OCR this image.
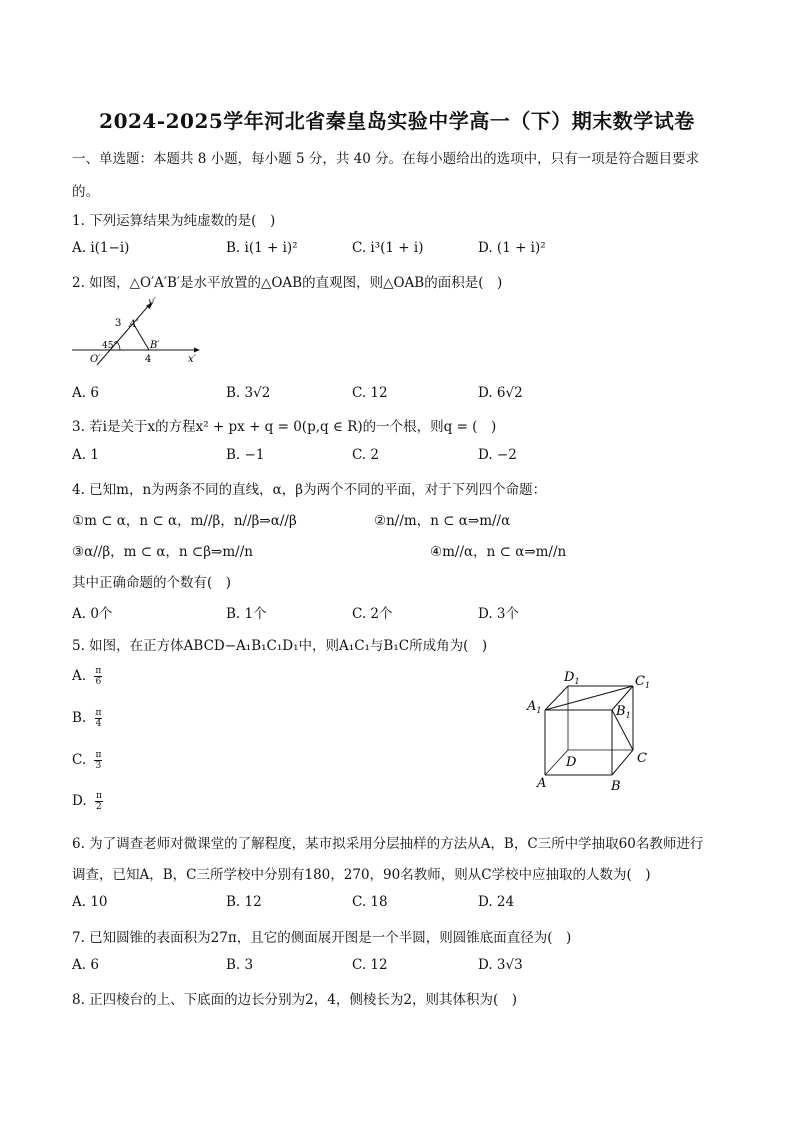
2024-2025学年河北省秦皇岛实验中学高一（下）期末数学试卷
一、单选题：本题共 8 小题，每小题 5 分，共 40 分。在每小题给出的选项中，只有一项是符合题目要求
的。
1. 下列运算结果为纯虚数的是(　)
A. i(1−i)	B. i(1 + i)²	C. i³(1 + i)	D. (1 + i)²
2. 如图，△O′A′B′是水平放置的△OAB的直观图，则△OAB的面积是(　)
y′
x′
O′
A′
B′
3
4
45°
A. 6	B. 3√2	C. 12	D. 6√2
3. 若i是关于x的方程x² + px + q = 0(p,q ∈ R)的一个根，则q = (　)
A. 1	B. −1	C. 2	D. −2
4. 已知m，n为两条不同的直线，α，β为两个不同的平面，对于下列四个命题：
①m ⊂ α，n ⊂ α，m//β，n//β⇒α//β	②n//m，n ⊂ α⇒m//α
③α//β，m ⊂ α，n ⊂β⇒m//n	④m//α，n ⊂ α⇒m//n
其中正确命题的个数有(　)
A. 0个	B. 1个	C. 2个	D. 3个
5. 如图，在正方体ABCD−A₁B₁C₁D₁中，则A₁C₁与B₁C所成角为(　)
A. $\frac{\pi}{6}$
B. $\frac{\pi}{4}$
C. $\frac{\pi}{3}$
D. $\frac{\pi}{2}$
$D_1$	$C_1$
$A_1$	$B_1$
D	C
A	B
6. 为了调查老师对微课堂的了解程度，某市拟采用分层抽样的方法从A，B，C三所中学抽取60名教师进行
调查，已知A，B，C三所学校中分别有180，270，90名教师，则从C学校中应抽取的人数为(　)
A. 10	B. 12	C. 18	D. 24
7. 已知圆锥的表面积为27π，且它的侧面展开图是一个半圆，则圆锥底面直径为(　)
A. 6	B. 3	C. 12	D. 3√3
8. 正四棱台的上、下底面的边长分别为2，4，侧棱长为2，则其体积为(　)
